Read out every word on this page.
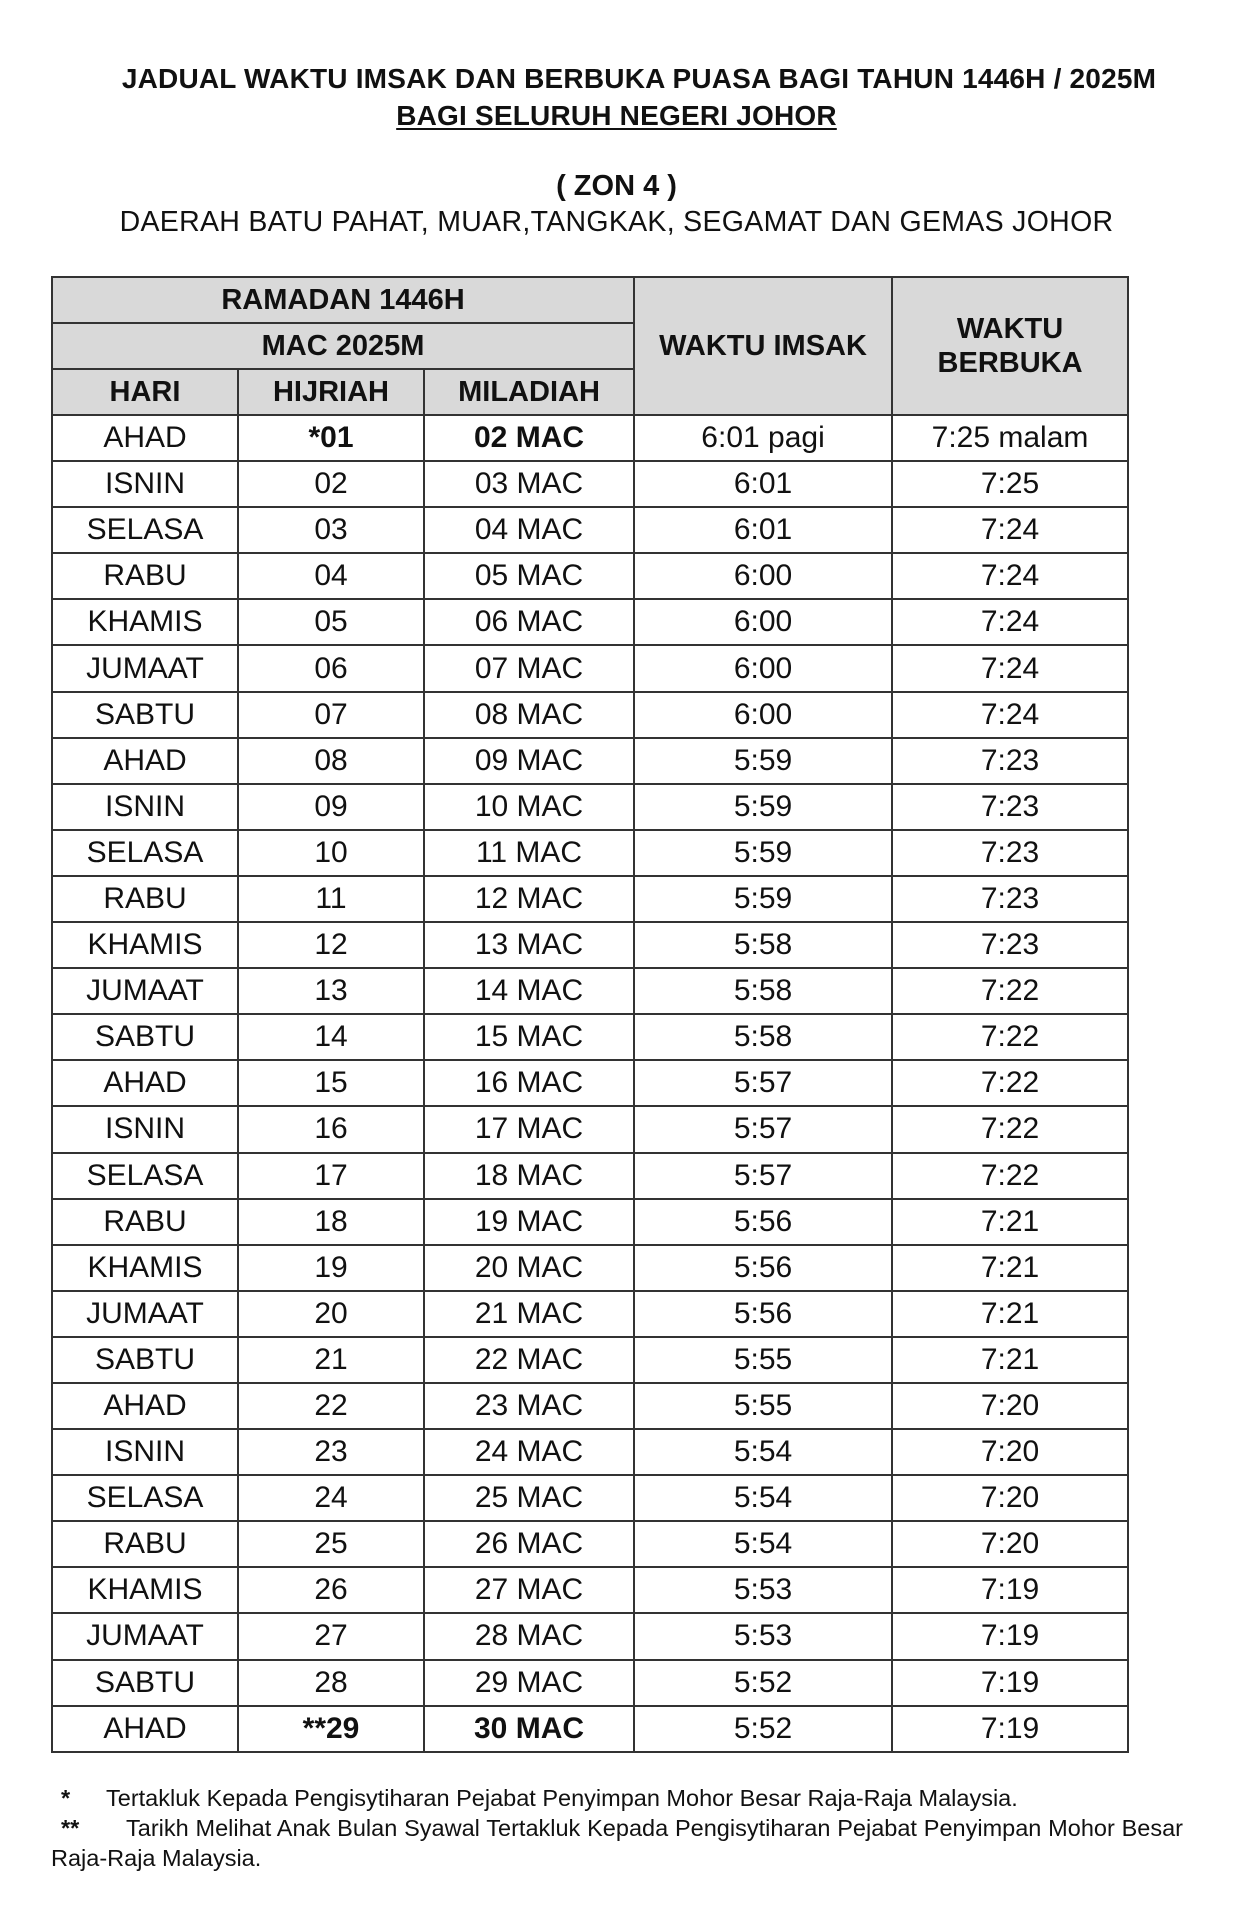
JADUAL WAKTU IMSAK DAN BERBUKA PUASA BAGI TAHUN 1446H / 2025M
BAGI SELURUH NEGERI JOHOR
( ZON 4 )
DAERAH BATU PAHAT, MUAR,TANGKAK, SEGAMAT DAN GEMAS JOHOR
RAMADAN 1446H			WAKTU IMSAK	WAKTU BERBUKA
MAC 2025M				
HARI	HIJRIAH	MILADIAH		
AHAD	*01	02 MAC	6:01 pagi	7:25 malam
ISNIN	02	03 MAC	6:01	7:25
SELASA	03	04 MAC	6:01	7:24
RABU	04	05 MAC	6:00	7:24
KHAMIS	05	06 MAC	6:00	7:24
JUMAAT	06	07 MAC	6:00	7:24
SABTU	07	08 MAC	6:00	7:24
AHAD	08	09 MAC	5:59	7:23
ISNIN	09	10 MAC	5:59	7:23
SELASA	10	11 MAC	5:59	7:23
RABU	11	12 MAC	5:59	7:23
KHAMIS	12	13 MAC	5:58	7:23
JUMAAT	13	14 MAC	5:58	7:22
SABTU	14	15 MAC	5:58	7:22
AHAD	15	16 MAC	5:57	7:22
ISNIN	16	17 MAC	5:57	7:22
SELASA	17	18 MAC	5:57	7:22
RABU	18	19 MAC	5:56	7:21
KHAMIS	19	20 MAC	5:56	7:21
JUMAAT	20	21 MAC	5:56	7:21
SABTU	21	22 MAC	5:55	7:21
AHAD	22	23 MAC	5:55	7:20
ISNIN	23	24 MAC	5:54	7:20
SELASA	24	25 MAC	5:54	7:20
RABU	25	26 MAC	5:54	7:20
KHAMIS	26	27 MAC	5:53	7:19
JUMAAT	27	28 MAC	5:53	7:19
SABTU	28	29 MAC	5:52	7:19
AHAD	**29	30 MAC	5:52	7:19
* Tertakluk Kepada Pengisytiharan Pejabat Penyimpan Mohor Besar Raja-Raja Malaysia.
** Tarikh Melihat Anak Bulan Syawal Tertakluk Kepada Pengisytiharan Pejabat Penyimpan Mohor Besar Raja-Raja Malaysia.
